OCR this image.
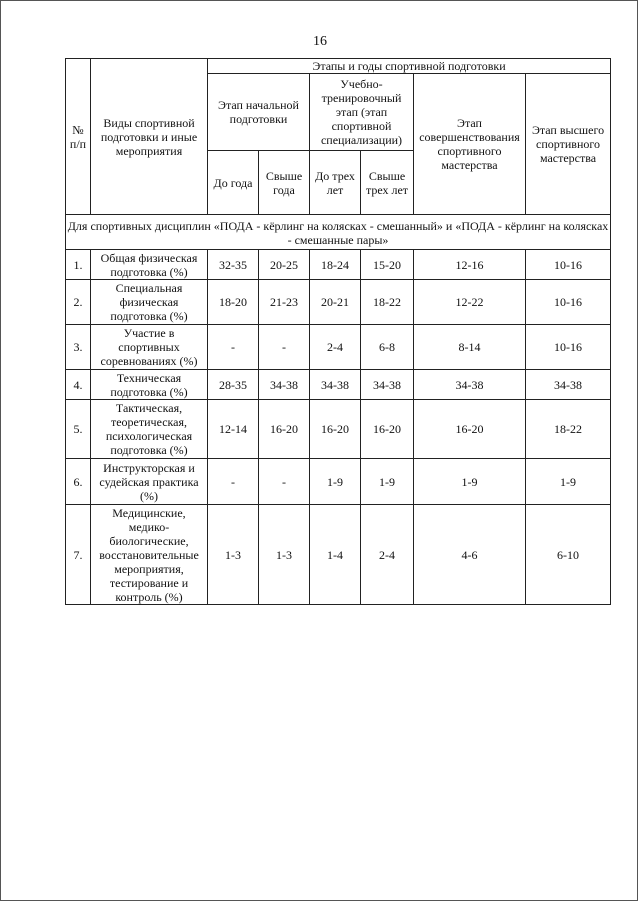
16
№ п/п	Виды спортивной подготовки и иные мероприятия	Этапы и годы спортивной подготовки					
		Этап начальной подготовки		Учебно-тренировочный этап (этап спортивной специализации)		Этап совершенствования спортивного мастерства	Этап высшего спортивного мастерства
		До года	Свыше года	До трех лет	Свыше трех лет		
Для спортивных дисциплин «ПОДА - кёрлинг на колясках - смешанный» и «ПОДА - кёрлинг на колясках - смешанные пары»							
1.	Общая физическая подготовка (%)	32-35	20-25	18-24	15-20	12-16	10-16
2.	Специальная физическая подготовка (%)	18-20	21-23	20-21	18-22	12-22	10-16
3.	Участие в спортивных соревнованиях (%)	-	-	2-4	6-8	8-14	10-16
4.	Техническая подготовка (%)	28-35	34-38	34-38	34-38	34-38	34-38
5.	Тактическая, теоретическая, психологическая подготовка (%)	12-14	16-20	16-20	16-20	16-20	18-22
6.	Инструкторская и судейская практика (%)	-	-	1-9	1-9	1-9	1-9
7.	Медицинские, медико-биологические, восстановительные мероприятия, тестирование и контроль (%)	1-3	1-3	1-4	2-4	4-6	6-10
